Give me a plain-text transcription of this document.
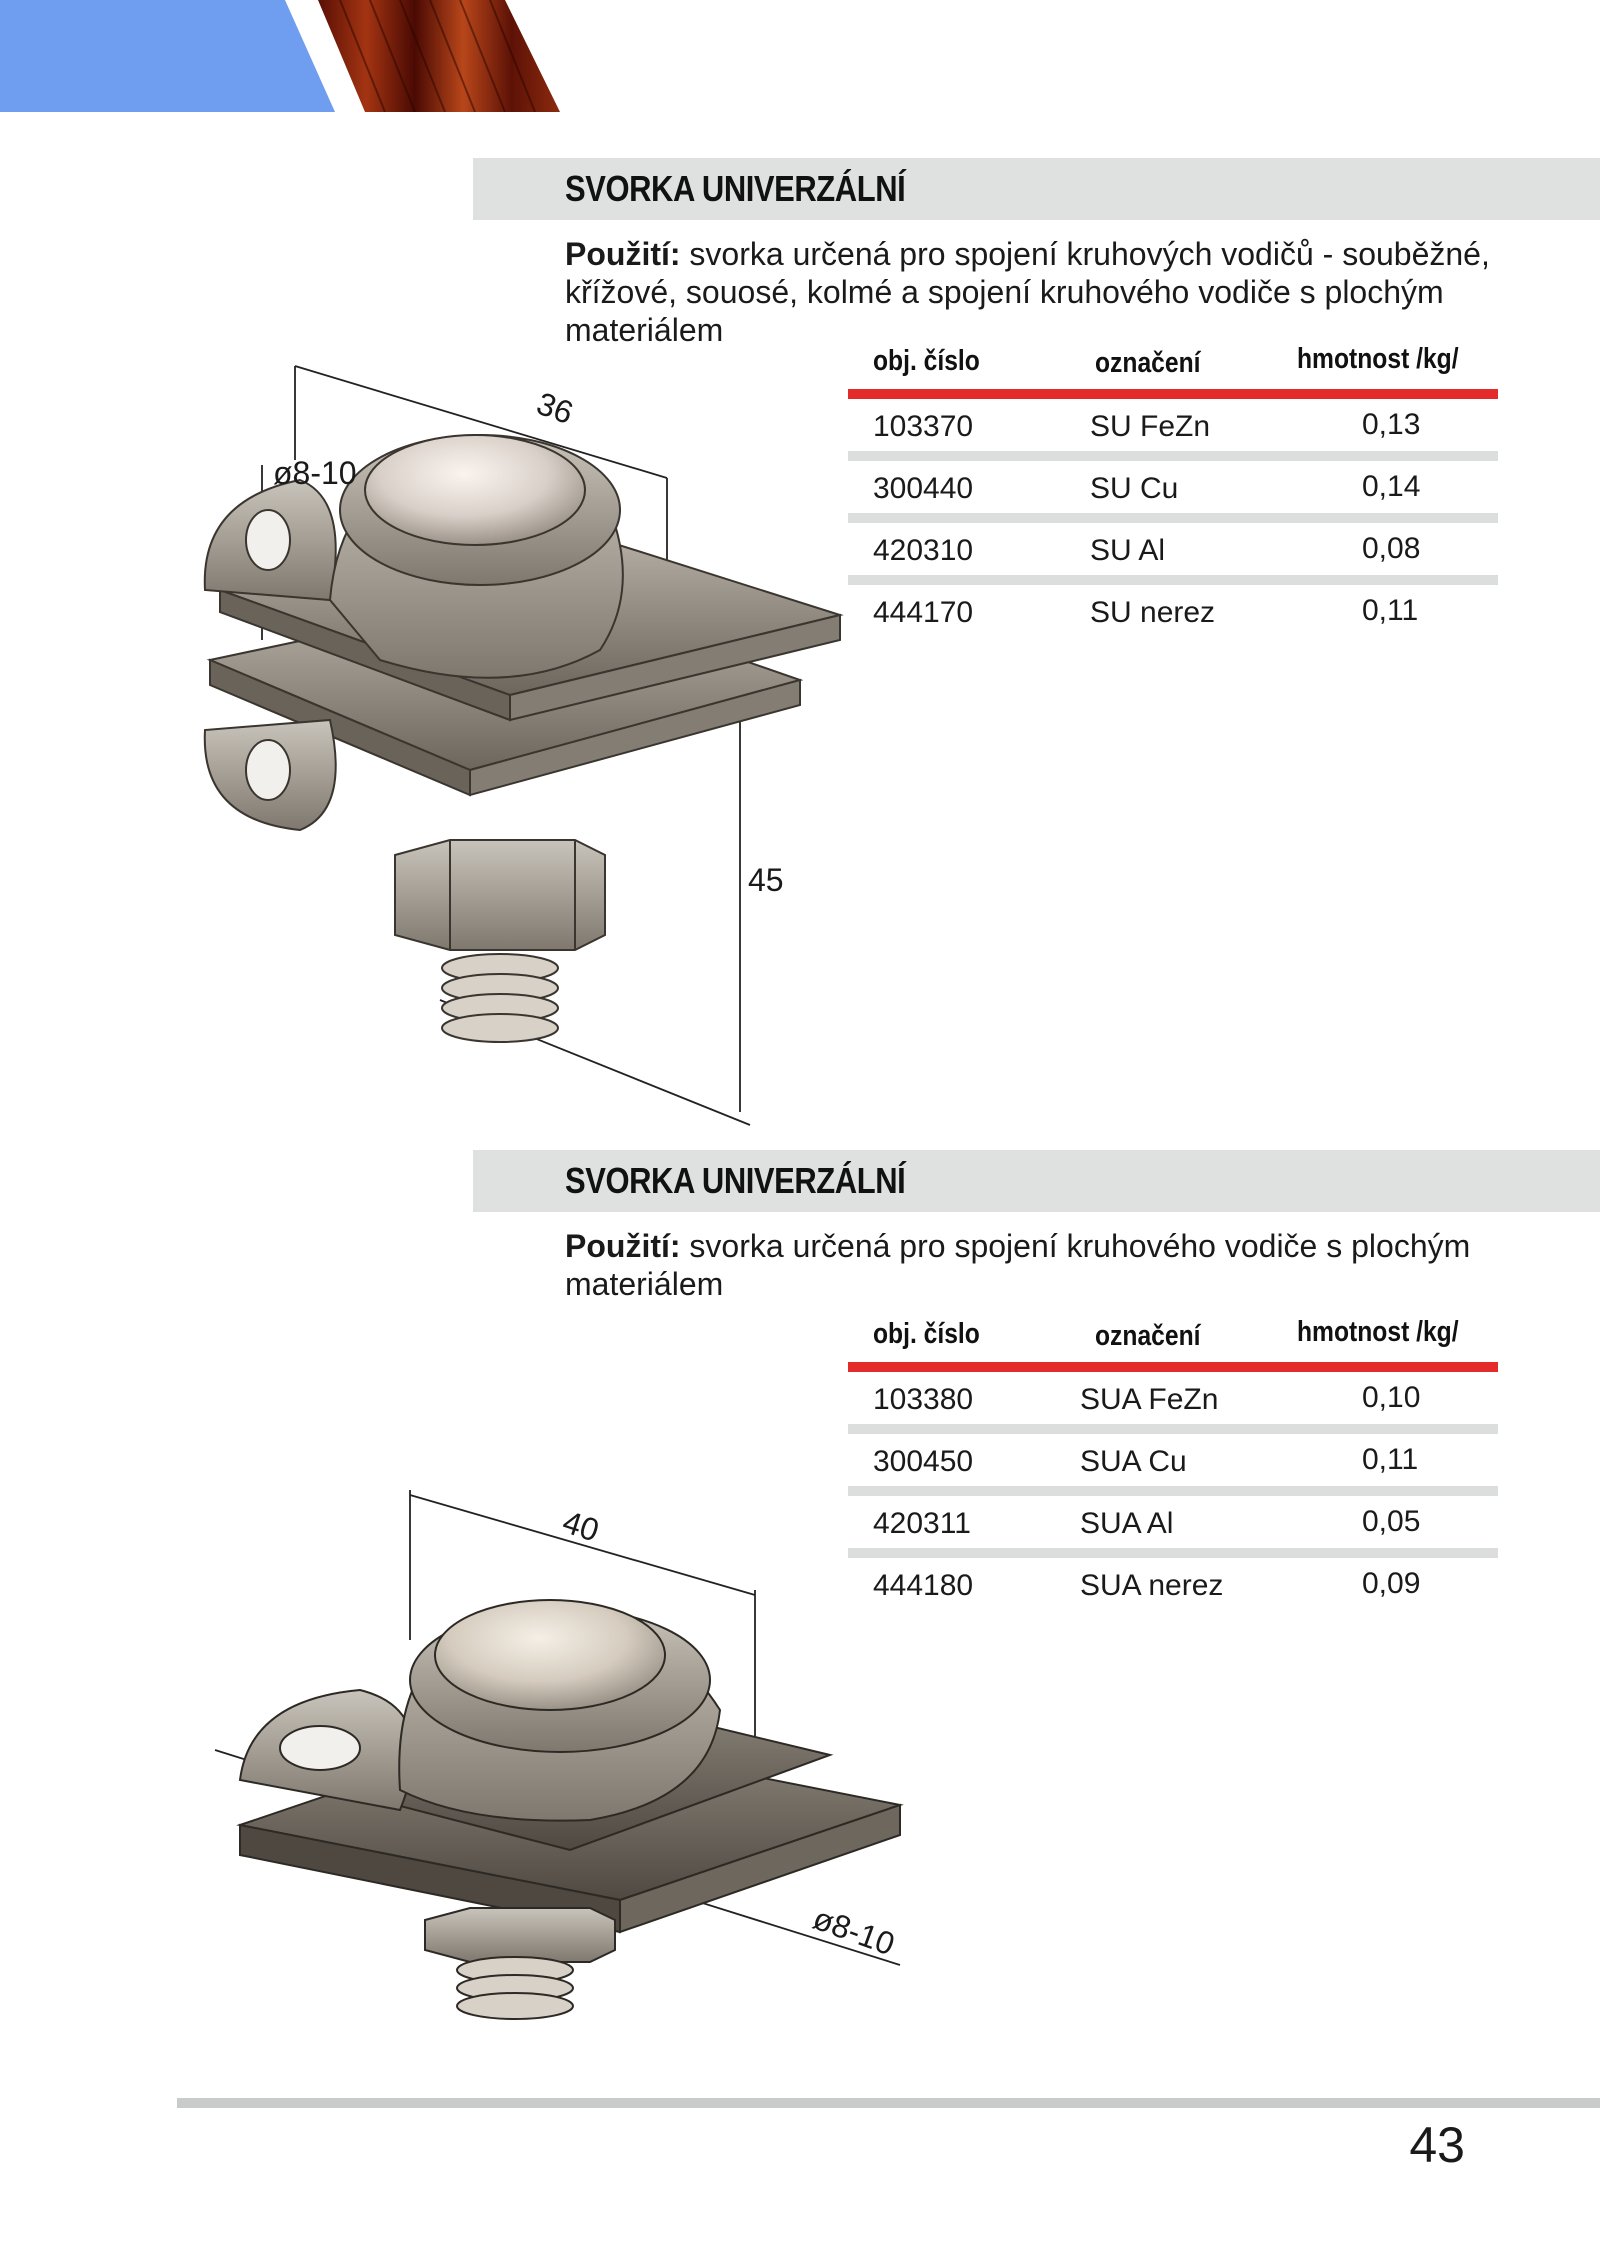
SVORKA UNIVERZÁLNÍ
Použití: svorka určená pro spojení kruhových vodičů - souběžné,
křížové, souosé, kolmé a spojení kruhového vodiče s plochým
materiálem
obj. číslo	označení	hmotnost /kg/
103370	SU FeZn	0,13
300440	SU Cu	0,14
420310	SU Al	0,08
444170	SU nerez	0,11
36
ø8-10
45
SVORKA UNIVERZÁLNÍ
Použití: svorka určená pro spojení kruhového vodiče s plochým
materiálem
obj. číslo	označení	hmotnost /kg/
103380	SUA FeZn	0,10
300450	SUA Cu	0,11
420311	SUA Al	0,05
444180	SUA nerez	0,09
40
ø8-10
43
